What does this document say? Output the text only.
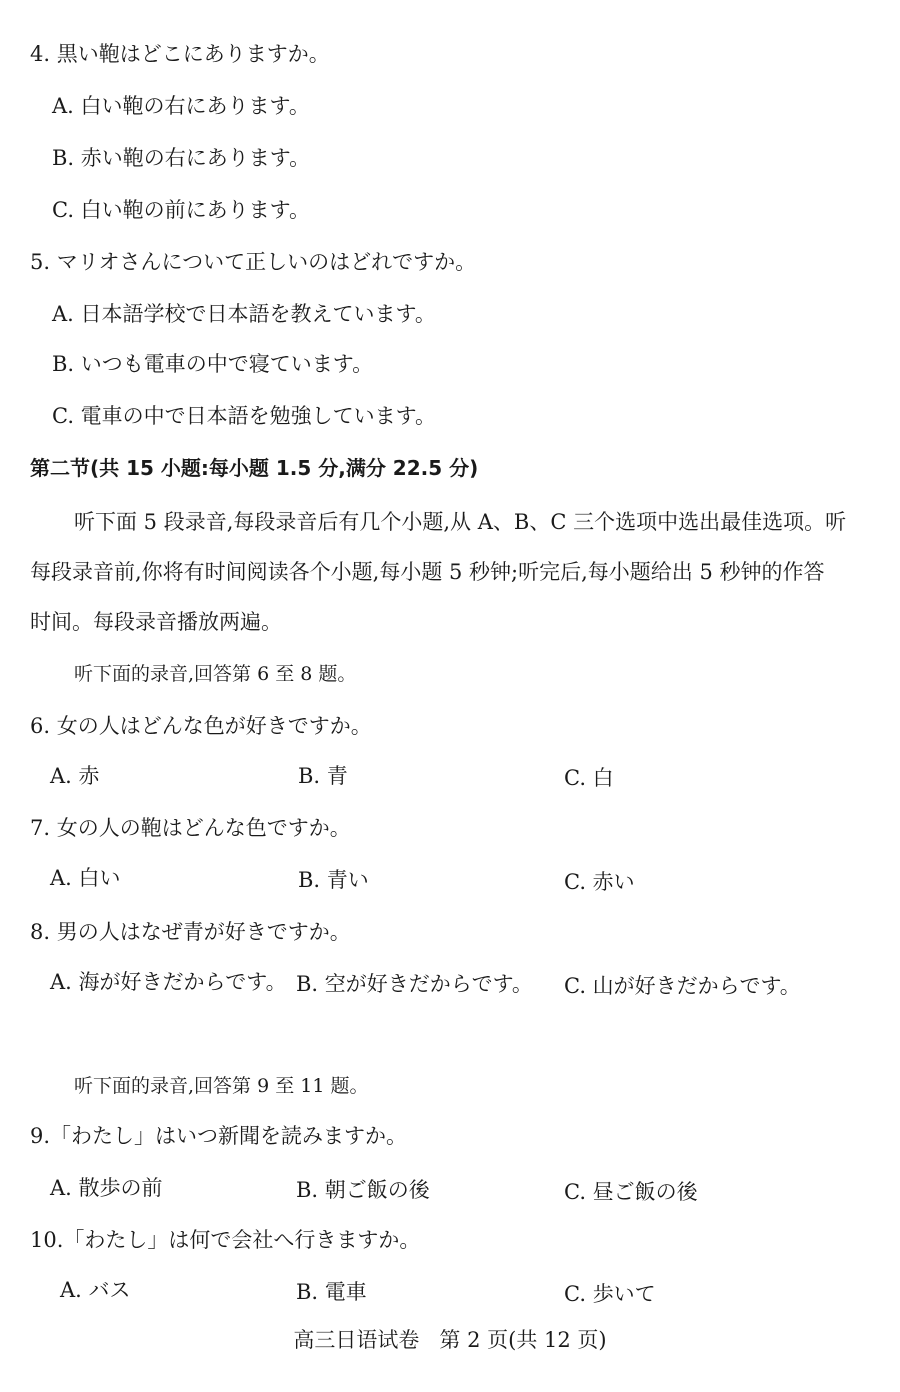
4. 黒い鞄はどこにありますか。
A. 白い鞄の右にあります。
B. 赤い鞄の右にあります。
C. 白い鞄の前にあります。
5. マリオさんについて正しいのはどれですか。
A. 日本語学校で日本語を教えています。
B. いつも電車の中で寝ています。
C. 電車の中で日本語を勉強しています。
第二节(共 15 小题:每小题 1.5 分,满分 22.5 分)
听下面 5 段录音,每段录音后有几个小题,从 A、B、C 三个选项中选出最佳选项。听
每段录音前,你将有时间阅读各个小题,每小题 5 秒钟;听完后,每小题给出 5 秒钟的作答
时间。每段录音播放两遍。
听下面的录音,回答第 6 至 8 题。
6. 女の人はどんな色が好きですか。
A. 赤	B. 青	C. 白
7. 女の人の鞄はどんな色ですか。
A. 白い	B. 青い	C. 赤い
8. 男の人はなぜ青が好きですか。
A. 海が好きだからです。 B. 空が好きだからです。 C. 山が好きだからです。
听下面的录音,回答第 9 至 11 题。
9.「わたし」はいつ新聞を読みますか。
A. 散歩の前	B. 朝ご飯の後	C. 昼ご飯の後
10.「わたし」は何で会社へ行きますか。
A. バス	B. 電車	C. 歩いて
高三日语试卷   第 2 页(共 12 页)
